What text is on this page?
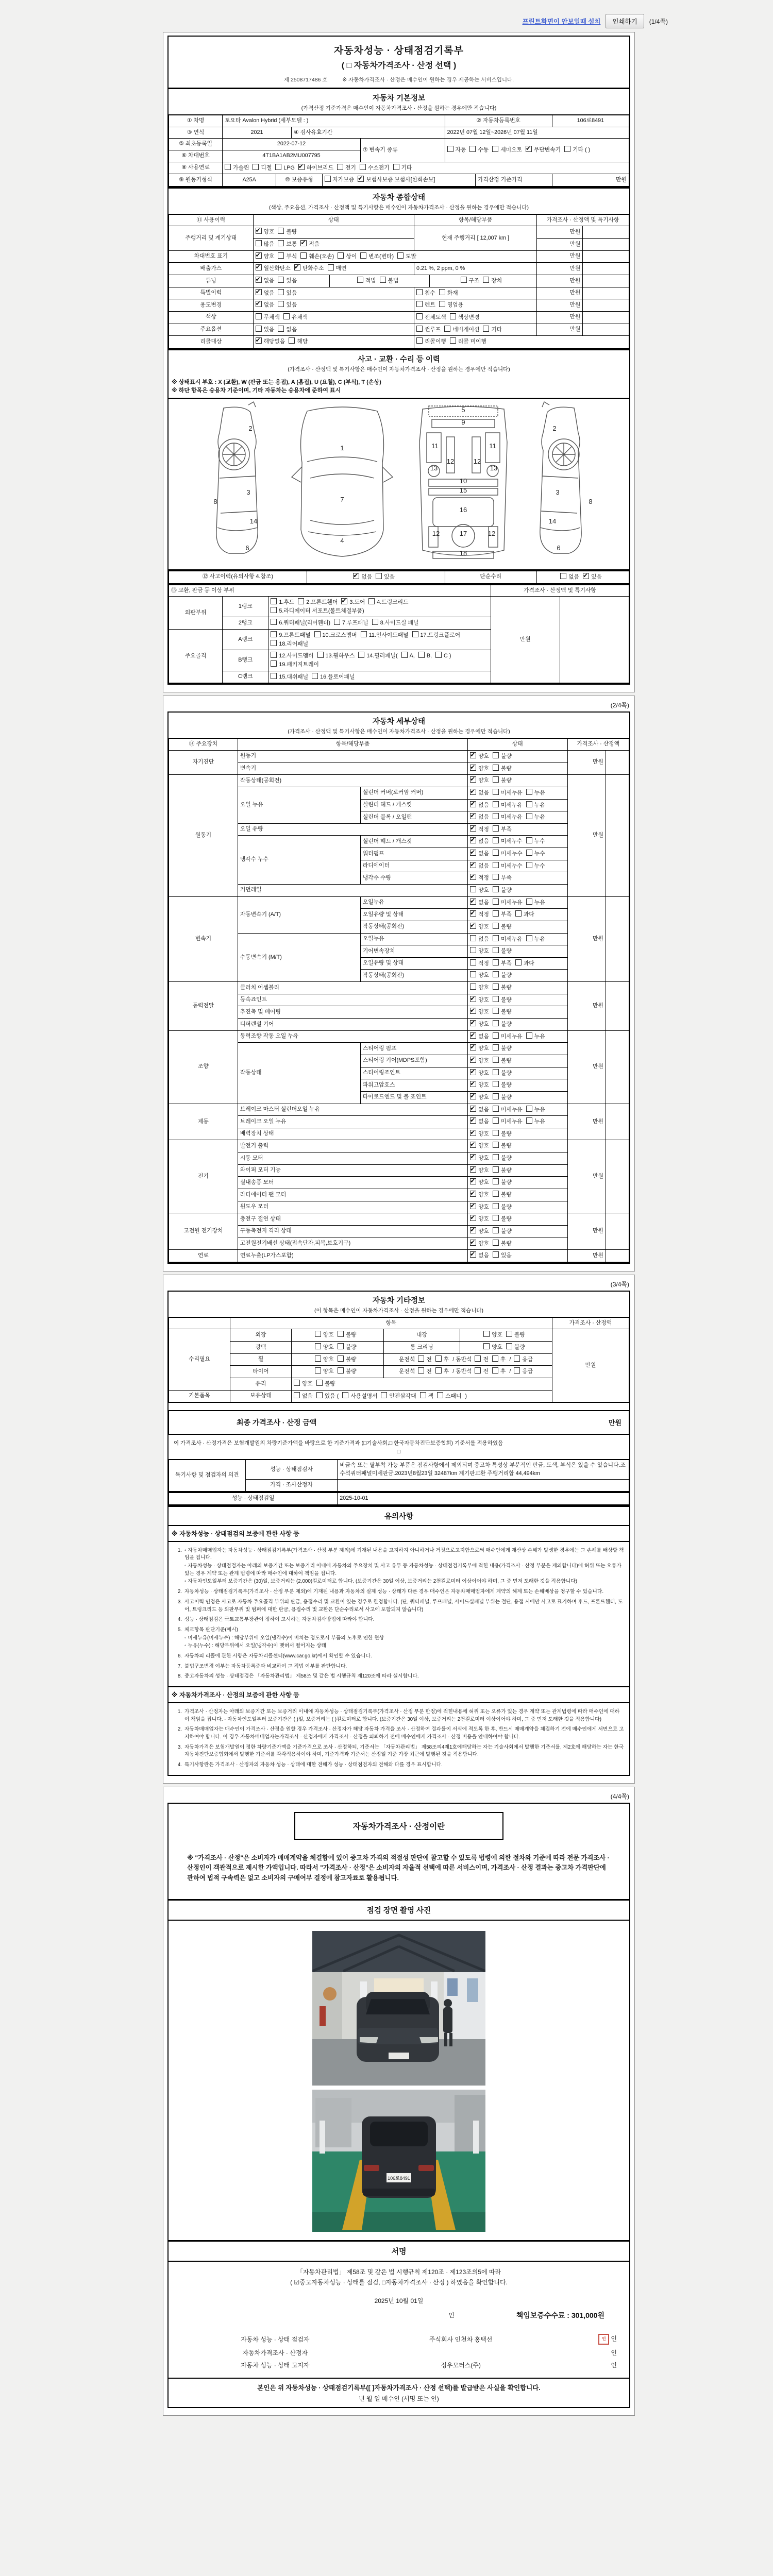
프린트화면이 안보일때 설치	인쇄하기	(1/4쪽)
자동차성능 · 상태점검기록부
( □ 자동차가격조사 · 산정 선택 )
제 2508717486 호	※ 자동차가격조사 · 산정은 매수인이 원하는 경우 제공하는 서비스입니다.
자동차 기본정보
(가격산정 기준가격은 매수인이 자동차가격조사 · 산정을 원하는 경우에만 적습니다)
① 차명	토요타 Avalon Hybrid (세부모델 : )					② 자동차등록번호		106로8491
③ 연식	2021		④ 검사유효기간			2022년 07월 12일~2026년 07월 11일		
⑤ 최초등록일	2022-07-12				⑦ 변속기 종류	자동 수동 세미오토 ✔ 무단변속기 기타 ( )
⑥ 차대번호	4T1BA1AB2MU007795							
⑧ 사용연료	가솔린 디젤 LPG ✔ 하이브리드 전기 수소전기 기타
⑨ 원동기형식	A25A	⑩ 보증유형		자가보증 ✔ 보험사보증 보험사[한화손보]			가격산정 기준가격	만원
자동차 종합상태
(색상, 주요옵션, 가격조사 · 산정액 및 특기사항은 매수인이 자동차가격조사 · 산정을 원하는 경우에만 적습니다)
⑪ 사용이력	상태		항목/해당부품		가격조사 · 산정액 및 특기사항	
주행거리 및 계기상태	✔양호 불량		현재 주행거리 [ 12,007 km ]		만원	
	많음 보통 ✔ 적음				만원	
차대번호 표기	✔양호 부식 훼손(오손) 상이 변조(변타) 도말				만원	
배출가스	✔일산화탄소 ✔ 탄화수소 매연		0.21 %, 2 ppm, 0 %		만원	
튜닝	✔없음 있음	적법 불법		구조 장치	만원	
특별이력	✔없음 있음		침수 화재		만원	
용도변경	✔없음 있음		렌트 영업용		만원	
색상	무채색 유채색		전체도색 색상변경		만원	
주요옵션	있음 없음		썬루프 네비게이션 기타		만원	
리콜대상	✔해당없음 해당		리콜이행 리콜 미이행			
사고 · 교환 · 수리 등 이력
(가격조사 · 산정액 및 특기사항은 매수인이 자동차가격조사 · 산정을 원하는 경우에만 적습니다)
※ 상태표시 부호 : X (교환), W (판금 또는 용접), A (흠집), U (요철), C (부식), T (손상)
※ 하단 항목은 승용차 기준이며, 기타 자동차는 승용차에 준하여 표시
2
3
8
14
6
1
7
4
5
9
11	11
12	12
13	13
10
15
16
12	17	12
18
2
3
8
14
6
⑫ 사고이력(유의사항 4.참조)	✔없음 있음	단순수리	없음 ✔ 있음
⑬ 교환, 판금 등 이상 부위			가격조사 · 산정액 및 특기사항	
외판부위	1랭크	1.후드 2.프론트휀더 ✔ 3.도어 4.트렁크리드5.라디에이터 서포트(볼트체결부품)	만원	
	2랭크	6.쿼터패널(리어휀더) 7.루프패널 8.사이드실 패널		
주요골격	A랭크	9.프론트패널 10.크로스멤버 11.인사이드패널 17.트렁크플로어18.리어패널		
	B랭크	12.사이드멤버 13.휠하우스 14.필러패널( A, B, C )19.패키지트레이		
	C랭크	15.대쉬패널 16.플로어패널		
(2/4쪽)
자동차 세부상태
(가격조사 · 산정액 및 특기사항은 매수인이 자동차가격조사 · 산정을 원하는 경우에만 적습니다)
⑭ 주요장치	항목/해당부품		상태	가격조사 · 산정액	
자기진단	원동기	✔양호 불량	만원	
	변속기	✔양호 불량
원동기	작동상태(공회전)	✔양호 불량	만원	
	오일 누유	실린더 커버(로커암 커버)	✔없음 미세누유 누유
		실린더 헤드 / 개스킷	✔없음 미세누유 누유
		실린더 블록 / 오일팬	✔없음 미세누유 누유
	오일 유량	✔적정 부족
	냉각수 누수	실린더 헤드 / 개스킷	✔없음 미세누수 누수
		워터펌프	✔없음 미세누수 누수
		라디에이터	✔없음 미세누수 누수
		냉각수 수량	✔적정 부족
	커먼레일		양호 불량		
변속기	자동변속기 (A/T)	오일누유	✔없음 미세누유 누유	만원	
		오일유량 및 상태	✔적정 부족 과다
		작동상태(공회전)	✔양호 불량
	수동변속기 (M/T)	오일누유	없음 미세누유 누유		
		기어변속장치	양호 불량		
		오일유량 및 상태	적정 부족 과다		
		작동상태(공회전)	양호 불량		
동력전달	클러치 어셈블리		양호 불량	만원	
	등속죠인트	✔양호 불량
	추진축 및 베어링	✔양호 불량
	디퍼렌셜 기어	✔양호 불량
조향	동력조향 작동 오일 누유	✔없음 미세누유 누유	만원	
	작동상태	스티어링 펌프	✔양호 불량
		스티어링 기어(MDPS포함)	✔양호 불량
		스티어링조인트	✔양호 불량
		파워고압호스	✔양호 불량
		타이로드엔드 및 볼 죠인트	✔양호 불량
제동	브레이크 마스터 실린더오일 누유	✔없음 미세누유 누유	만원	
	브레이크 오일 누유	✔없음 미세누유 누유
	배력장치 상태	✔양호 불량
전기	발전기 출력	✔양호 불량	만원	
	시동 모터	✔양호 불량
	와이퍼 모터 기능	✔양호 불량
	실내송풍 모터	✔양호 불량
	라디에이터 팬 모터	✔양호 불량
	윈도우 모터	✔양호 불량
고전원 전기장치	충전구 절연 상태	✔양호 불량	만원	
	구동축전지 격리 상태	✔양호 불량
	고전원전기배선 상태(접속단자,피복,보호기구)	✔양호 불량
연료	연료누출(LP가스포함)	✔없음 있음	만원	
(3/4쪽)
자동차 기타정보
(이 항목은 매수인이 자동차가격조사 · 산정을 원하는 경우에만 적습니다)
	항목				가격조사 · 산정액
수리필요	외장	양호 불량	내장	양호 불량	만원
	광택	양호 불량	룸 크리닝	양호 불량	
	휠	양호 불량	운전석 전 후 / 동반석 전 후 / 응급		
	타이어	양호 불량	운전석 전 후 / 동반석 전 후 / 응급		
	유리	양호 불량			
기본품목	보유상태	없음 있음 ( 사용설명서 안전삼각대 잭 스패너 )			
최종 가격조사 · 산정 금액	만원
이 가격조사 · 산정가격은 보험개발원의 차량기준가액을 바탕으로 한 기준가격과 (□기술사회,□ 한국자동차진단보증협회) 기준서를 적용하였음
□
특기사항 및 점검자의 의견	성능 · 상태점검자	비금속 또는 탈부착 가능 부품은 점검사항에서 제외되며 중고차 특성상 부분적인 판금, 도색, 부식은 있을 수 있습니다.조수석쿼터패널미세판금.2023년8월23일 32487km 계기판교환 주행거리합 44,494km
	가격 · 조사산정자	
성능 · 상태점검일	2025-10-01
유의사항
※ 자동차성능 · 상태점검의 보증에 관한 사항 등
1. ◦ 자동차매매업자는 자동차성능 · 상태점검기록부(가격조사 · 산정 부분 제외)에 기재된 내용을 고지하지 아니하거나 거짓으로고지함으로써 매수인에게 재산상 손해가 발생한 경우에는 그 손해를 배상할 책임을 집니다.
◦ 자동차성능 · 상태점검자는 아래의 보증기간 또는 보증거리 이내에 자동차의 주요장치 및 사고 유무 등 자동차성능 · 상태점검기록부에 적힌 내용(가격조사 · 산정 부분은 제외합니다)에 허위 또는 오류가 있는 경우 계약 또는 관계 법령에 따라 매수인에 대하여 책임을 집니다.
◦ 자동차인도일부터 보증기간은 (30)일, 보증거리는 (2,000)킬로미터로 합니다. (보증기간은 30일 이상, 보증거리는 2천킬로미터 이상이어야 하며, 그 중 먼저 도래한 것을 적용합니다)
2. 자동차성능 · 상태점검기록부(가격조사 · 산정 부분 제외)에 기재된 내용과 자동차의 실제 성능 · 상태가 다른 경우 매수인은 자동차매매업자에게 계약의 해제 또는 손해배상을 청구할 수 있습니다.
3. 사고이력 인정은 사고로 자동차 주요골격 부위의 판금, 용접수리 및 교환이 있는 경우로 한정합니다. (단, 쿼터패널, 루프패널, 사이드실패널 부위는 절단, 용접 시에만 사고로 표기하며 후드, 프론트휀더, 도어, 트렁크리드 등 외판부위 및 범퍼에 대한 판금, 용접수리 및 교환은 단순수리로서 사고에 포함되지 않습니다)
4. 성능 · 상태점검은 국토교통부장관이 정하여 고시하는 자동차검사방법에 따라야 합니다.
5. 체크항목 판단기준(예시)
◦ 미세누유(미세누수) : 해당부위에 오일(냉각수)이 비치는 정도로서 부품의 노후로 인한 현상
◦ 누유(누수) : 해당부위에서 오일(냉각수)이 맺혀서 떨어지는 상태
6. 자동차의 리콜에 관한 사항은 자동차리콜센터(www.car.go.kr)에서 확인할 수 있습니다.
7. 불법구조변경 여부는 자동차등록증과 비교하여 그 적법 여부를 판단합니다.
8. 중고자동차의 성능 · 상태점검은 「자동차관리법」 제58조 및 같은 법 시행규칙 제120조에 따라 실시합니다.
※ 자동차가격조사 · 산정의 보증에 관한 사항 등
1. 가격조사 · 산정자는 아래의 보증기간 또는 보증거리 이내에 자동차성능 · 상태점검기록부(가격조사 · 산정 부분 한정)에 적힌내용에 허위 또는 오류가 있는 경우 계약 또는 관계법령에 따라 매수인에 대하여 책임을 집니다. · 자동차인도일부터 보증기간은 ( )일, 보증거리는 ( )킬로미터로 합니다. (보증기간은 30일 이상, 보증거리는 2천킬로미터 이상이어야 하며, 그 중 먼저 도래한 것을 적용합니다)
2. 자동차매매업자는 매수인이 가격조사 · 산정을 원할 경우 가격조사 · 산정자가 해당 자동차 가격을 조사 · 산정하여 결과를이 서식에 적도록 한 후, 반드시 매매계약을 체결하기 전에 매수인에게 서면으로 고지하여야 합니다. 이 경우 자동차매매업자는가격조사 · 산정자에게 가격조사 · 산정을 의뢰하기 전에 매수인에게 가격조사 · 산정 비용을 안내하여야 합니다.
3. 자동차가격은 보험개발원이 정한 차량기준가액을 기준가격으로 조사 · 산정하되, 기준서는 「자동차관리법」 제58조의4제1호에해당하는 자는 기술사회에서 발행한 기준서를, 제2호에 해당하는 자는 한국자동차진단보증협회에서 발행한 기준서를 각각적용하여야 하며, 기준가격과 기준서는 산정일 기준 가장 최근에 발행된 것을 적용합니다.
4. 특기사항란은 가격조사 · 산정자의 자동차 성능 · 상태에 대한 견해가 성능 · 상태점검자의 견해와 다를 경우 표시합니다.
(4/4쪽)
자동차가격조사 · 산정이란
※ "가격조사 · 산정"은 소비자가 매매계약을 체결함에 있어 중고차 가격의 적절성 판단에 참고할 수 있도록 법령에 의한 절차와 기준에 따라 전문 가격조사 · 산정인이 객관적으로 제시한 가액입니다. 따라서 "가격조사 · 산정"은 소비자의 자율적 선택에 따른 서비스이며, 가격조사 · 산정 결과는 중고차 가격판단에 관하여 법적 구속력은 없고 소비자의 구매여부 결정에 참고자료로 활용됩니다.
점검 장면 촬영 사진
106로8491
서명
「자동차관리법」 제58조 및 같은 법 시행규칙 제120조 · 제123조의5에 따라
( ☑중고자동차성능 · 상태를 점검, □자동차가격조사 · 산정 ) 하였음을 확인합니다.
2025년 10월 01일
인	책임보증수수료 : 301,000원
자동차 성능 · 상태 점검자	주식회사 인천차 홍택선	인 인
자동차가격조사 · 산정자	인
자동차 성능 · 상태 고지자	정우모터스(주)	인
본인은 위 자동차성능 · 상태점검기록부([ ]자동차가격조사 · 산정 선택)를 발급받은 사실을 확인합니다.
년 월 일 매수인 (서명 또는 인)
